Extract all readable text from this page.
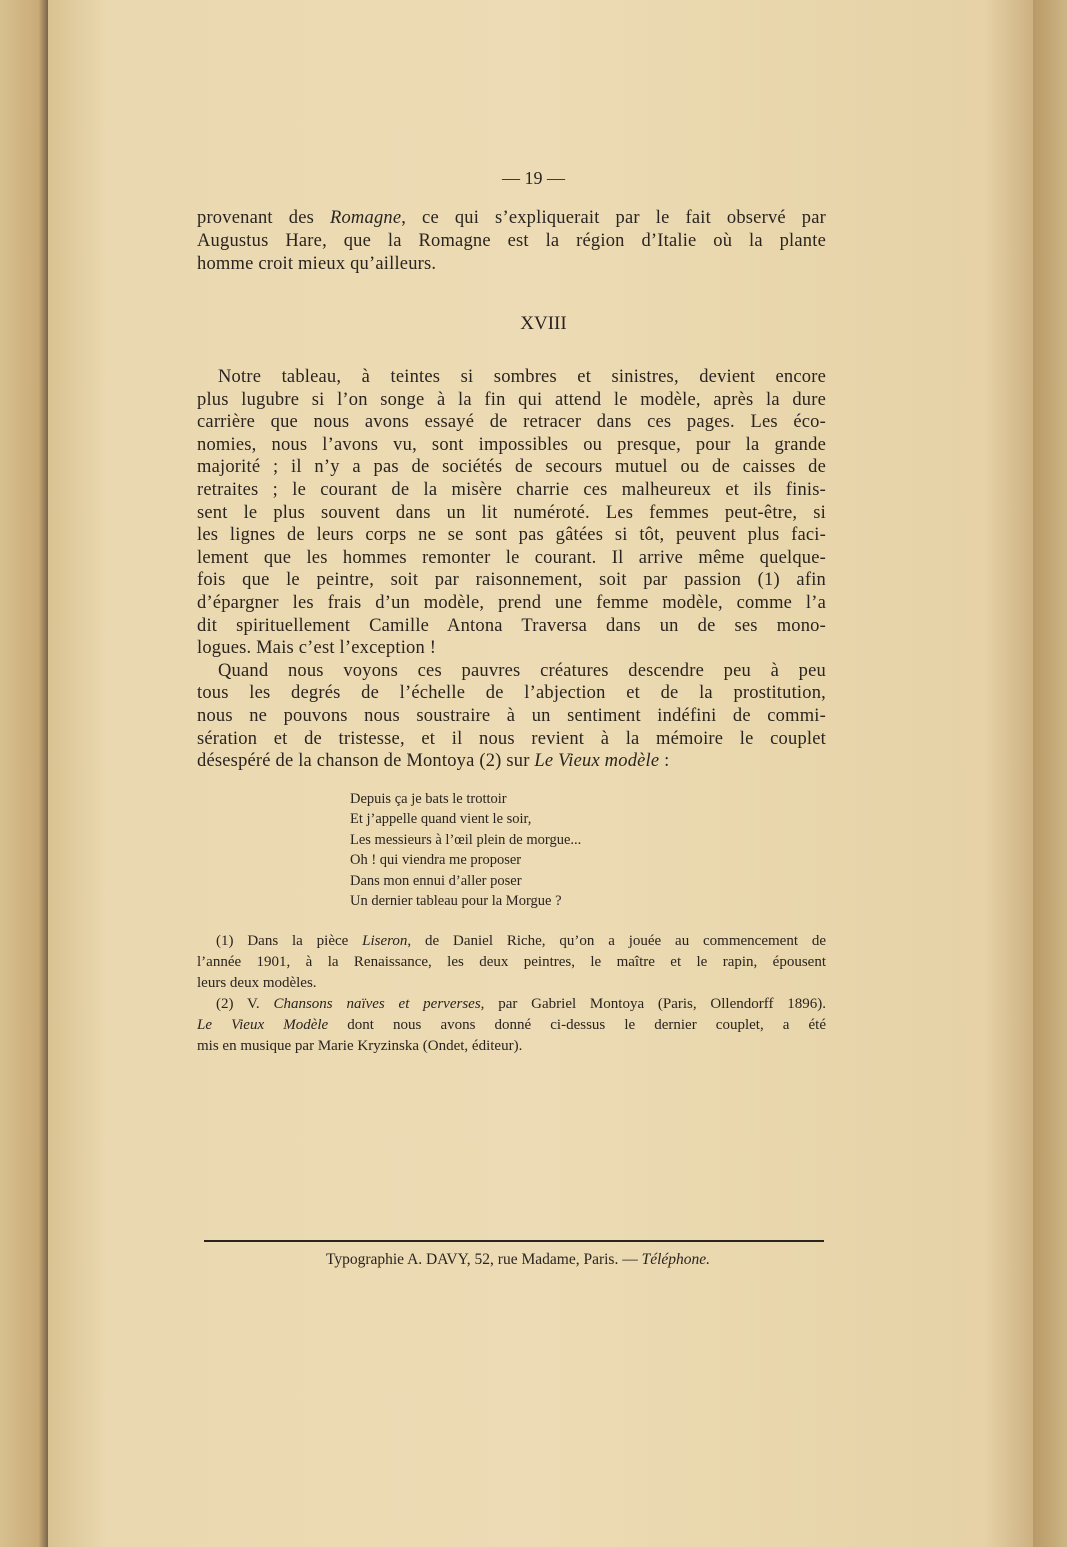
— 19 —
provenant des Romagne, ce qui s’expliquerait par le fait observé par
Augustus Hare, que la Romagne est la région d’Italie où la plante
homme croit mieux qu’ailleurs.
XVIII
Notre tableau, à teintes si sombres et sinistres, devient encore
plus lugubre si l’on songe à la fin qui attend le modèle, après la dure
carrière que nous avons essayé de retracer dans ces pages. Les éco-
nomies, nous l’avons vu, sont impossibles ou presque, pour la grande
majorité ; il n’y a pas de sociétés de secours mutuel ou de caisses de
retraites ; le courant de la misère charrie ces malheureux et ils finis-
sent le plus souvent dans un lit numéroté. Les femmes peut-être, si
les lignes de leurs corps ne se sont pas gâtées si tôt, peuvent plus faci-
lement que les hommes remonter le courant. Il arrive même quelque-
fois que le peintre, soit par raisonnement, soit par passion (1) afin
d’épargner les frais d’un modèle, prend une femme modèle, comme l’a
dit spirituellement Camille Antona Traversa dans un de ses mono-
logues. Mais c’est l’exception !
Quand nous voyons ces pauvres créatures descendre peu à peu
tous les degrés de l’échelle de l’abjection et de la prostitution,
nous ne pouvons nous soustraire à un sentiment indéfini de commi-
sération et de tristesse, et il nous revient à la mémoire le couplet
désespéré de la chanson de Montoya (2) sur Le Vieux modèle :
Depuis ça je bats le trottoir
Et j’appelle quand vient le soir,
Les messieurs à l’œil plein de morgue...
Oh ! qui viendra me proposer
Dans mon ennui d’aller poser
Un dernier tableau pour la Morgue ?
(1) Dans la pièce Liseron, de Daniel Riche, qu’on a jouée au commencement de
l’année 1901, à la Renaissance, les deux peintres, le maître et le rapin, épousent
leurs deux modèles.
(2) V. Chansons naïves et perverses, par Gabriel Montoya (Paris, Ollendorff 1896).
Le Vieux Modèle dont nous avons donné ci-dessus le dernier couplet, a été
mis en musique par Marie Kryzinska (Ondet, éditeur).
Typographie A. DAVY, 52, rue Madame, Paris. — Téléphone.
